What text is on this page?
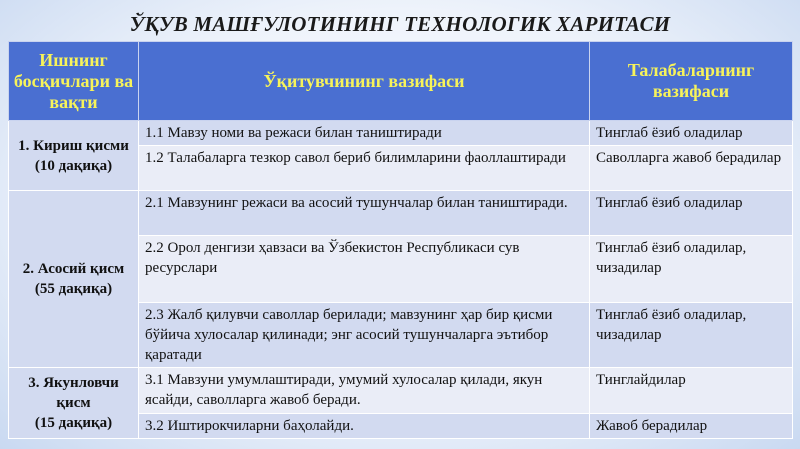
ЎҚУВ МАШҒУЛОТИНИНГ ТЕХНОЛОГИК ХАРИТАСИ
Ишнинг босқичлари ва вақти	Ўқитувчининг вазифаси	Талабаларнинг вазифаси

1. Кириш қисми
(10 дақиқа)	1.1 Мавзу номи ва режаси билан таништиради	Тинглаб ёзиб оладилар
	1.2 Талабаларга тезкор савол бериб билимларини фаоллаштиради	Саволларга жавоб берадилар

2. Асосий қисм
(55 дақиқа)	2.1 Мавзунинг режаси ва асосий тушунчалар билан таништиради.	Тинглаб ёзиб оладилар
	2.2 Орол денгизи ҳавзаси ва Ўзбекистон Республикаси сув ресурслари	Тинглаб ёзиб оладилар, чизадилар
	2.3 Жалб қилувчи саволлар берилади; мавзунинг ҳар бир қисми бўйича хулосалар қилинади; энг асосий тушунчаларга эътибор қаратади	Тинглаб ёзиб оладилар, чизадилар

3. Якунловчи қисм
(15 дақиқа)	3.1 Мавзуни умумлаштиради, умумий хулосалар қилади, якун ясайди, саволларга жавоб беради.	Тинглайдилар
	3.2 Иштирокчиларни баҳолайди.	Жавоб берадилар
